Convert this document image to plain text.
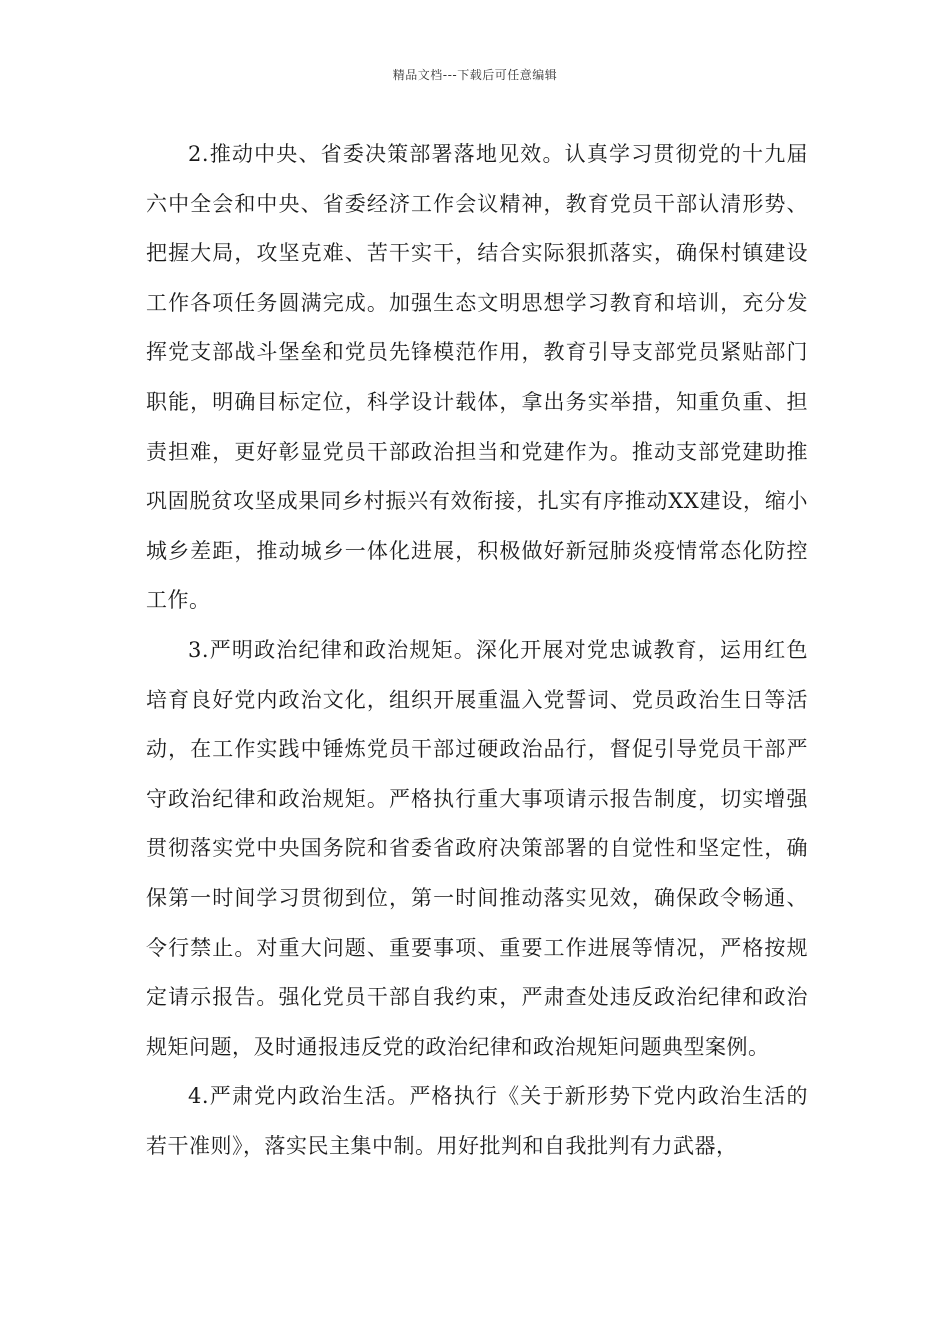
精品文档---下载后可任意编辑

2.推动中央、省委决策部署落地见效。认真学习贯彻党的十九届六中全会和中央、省委经济工作会议精神，教育党员干部认清形势、把握大局，攻坚克难、苦干实干，结合实际狠抓落实，确保村镇建设工作各项任务圆满完成。加强生态文明思想学习教育和培训，充分发挥党支部战斗堡垒和党员先锋模范作用，教育引导支部党员紧贴部门职能，明确目标定位，科学设计载体，拿出务实举措，知重负重、担责担难，更好彰显党员干部政治担当和党建作为。推动支部党建助推巩固脱贫攻坚成果同乡村振兴有效衔接，扎实有序推动XX建设，缩小城乡差距，推动城乡一体化进展，积极做好新冠肺炎疫情常态化防控工作。

3.严明政治纪律和政治规矩。深化开展对党忠诚教育，运用红色培育良好党内政治文化，组织开展重温入党誓词、党员政治生日等活动，在工作实践中锤炼党员干部过硬政治品行，督促引导党员干部严守政治纪律和政治规矩。严格执行重大事项请示报告制度，切实增强贯彻落实党中央国务院和省委省政府决策部署的自觉性和坚定性，确保第一时间学习贯彻到位，第一时间推动落实见效，确保政令畅通、令行禁止。对重大问题、重要事项、重要工作进展等情况，严格按规定请示报告。强化党员干部自我约束，严肃查处违反政治纪律和政治规矩问题，及时通报违反党的政治纪律和政治规矩问题典型案例。

4.严肃党内政治生活。严格执行《关于新形势下党内政治生活的若干准则》，落实民主集中制。用好批判和自我批判有力武器，
